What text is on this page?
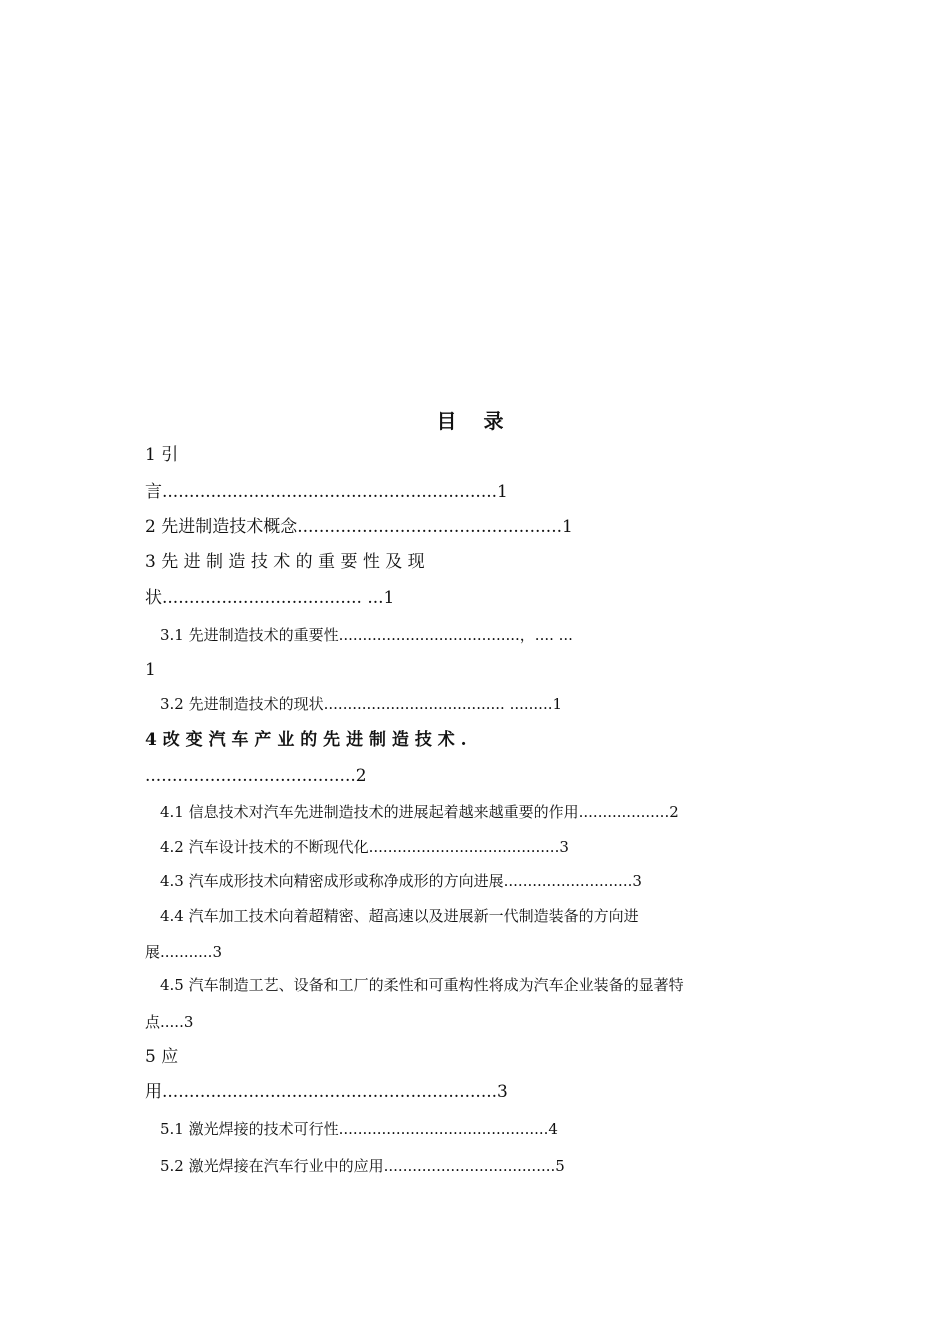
目 录
1 引
言..............................................................1
2 先进制造技术概念.................................................1
3 先 进 制 造 技 术 的 重 要 性 及 现
状..................................... ...1
3.1 先进制造技术的重要性......................................，.... ...
1
3.2 先进制造技术的现状...................................... .........1
4 改 变 汽 车 产 业 的 先 进 制 造 技 术 .
.......................................2
4.1 信息技术对汽车先进制造技术的进展起着越来越重要的作用...................2
4.2 汽车设计技术的不断现代化........................................3
4.3 汽车成形技术向精密成形或称净成形的方向进展...........................3
4.4 汽车加工技术向着超精密、超高速以及进展新一代制造装备的方向进
展...........3
4.5 汽车制造工艺、设备和工厂的柔性和可重构性将成为汽车企业装备的显著特
点.....3
5 应
用..............................................................3
5.1 激光焊接的技术可行性............................................4
5.2 激光焊接在汽车行业中的应用....................................5
